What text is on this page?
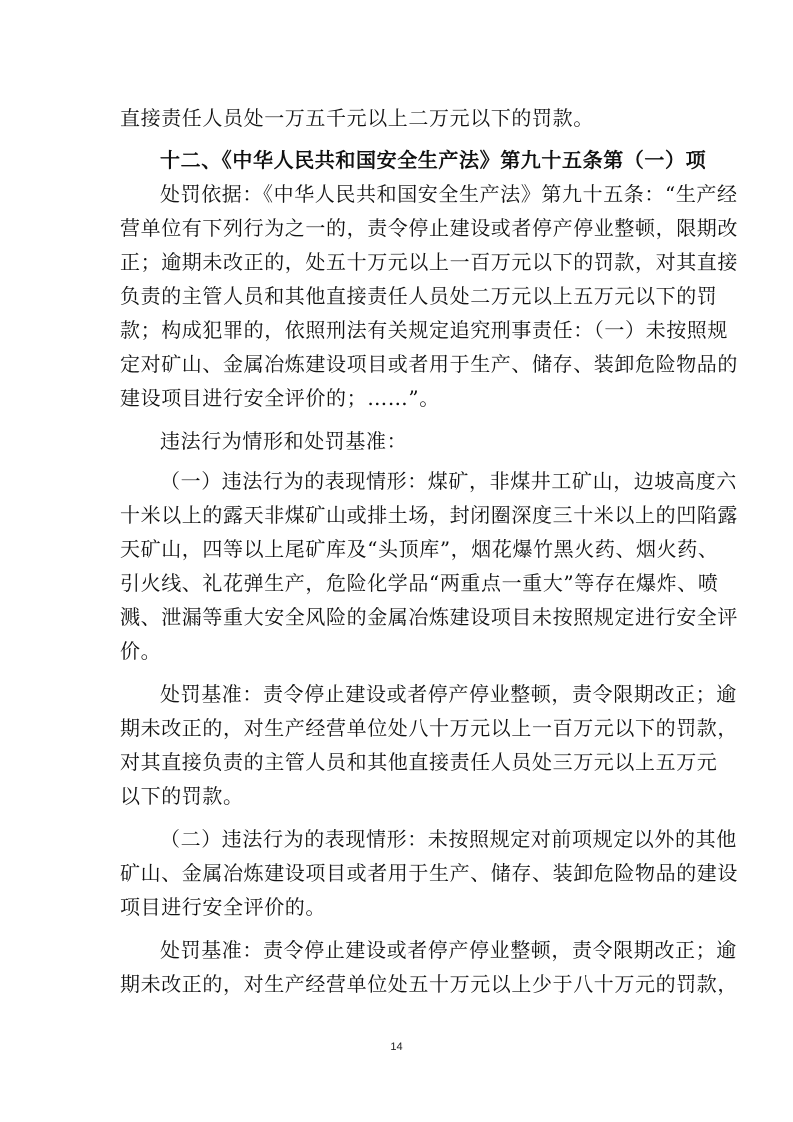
直接责任人员处一万五千元以上二万元以下的罚款。
十二、《中华人民共和国安全生产法》第九十五条第（一）项
处罚依据：《中华人民共和国安全生产法》第九十五条：“生产经
营单位有下列行为之一的，责令停止建设或者停产停业整顿，限期改
正；逾期未改正的，处五十万元以上一百万元以下的罚款，对其直接
负责的主管人员和其他直接责任人员处二万元以上五万元以下的罚
款；构成犯罪的，依照刑法有关规定追究刑事责任：（一）未按照规
定对矿山、金属冶炼建设项目或者用于生产、储存、装卸危险物品的
建设项目进行安全评价的；……”。
违法行为情形和处罚基准：
（一）违法行为的表现情形：煤矿，非煤井工矿山，边坡高度六
十米以上的露天非煤矿山或排土场，封闭圈深度三十米以上的凹陷露
天矿山，四等以上尾矿库及“头顶库”，烟花爆竹黑火药、烟火药、
引火线、礼花弹生产，危险化学品“两重点一重大”等存在爆炸、喷
溅、泄漏等重大安全风险的金属冶炼建设项目未按照规定进行安全评
价。
处罚基准：责令停止建设或者停产停业整顿，责令限期改正；逾
期未改正的，对生产经营单位处八十万元以上一百万元以下的罚款，
对其直接负责的主管人员和其他直接责任人员处三万元以上五万元
以下的罚款。
（二）违法行为的表现情形：未按照规定对前项规定以外的其他
矿山、金属冶炼建设项目或者用于生产、储存、装卸危险物品的建设
项目进行安全评价的。
处罚基准：责令停止建设或者停产停业整顿，责令限期改正；逾
期未改正的，对生产经营单位处五十万元以上少于八十万元的罚款，
14
